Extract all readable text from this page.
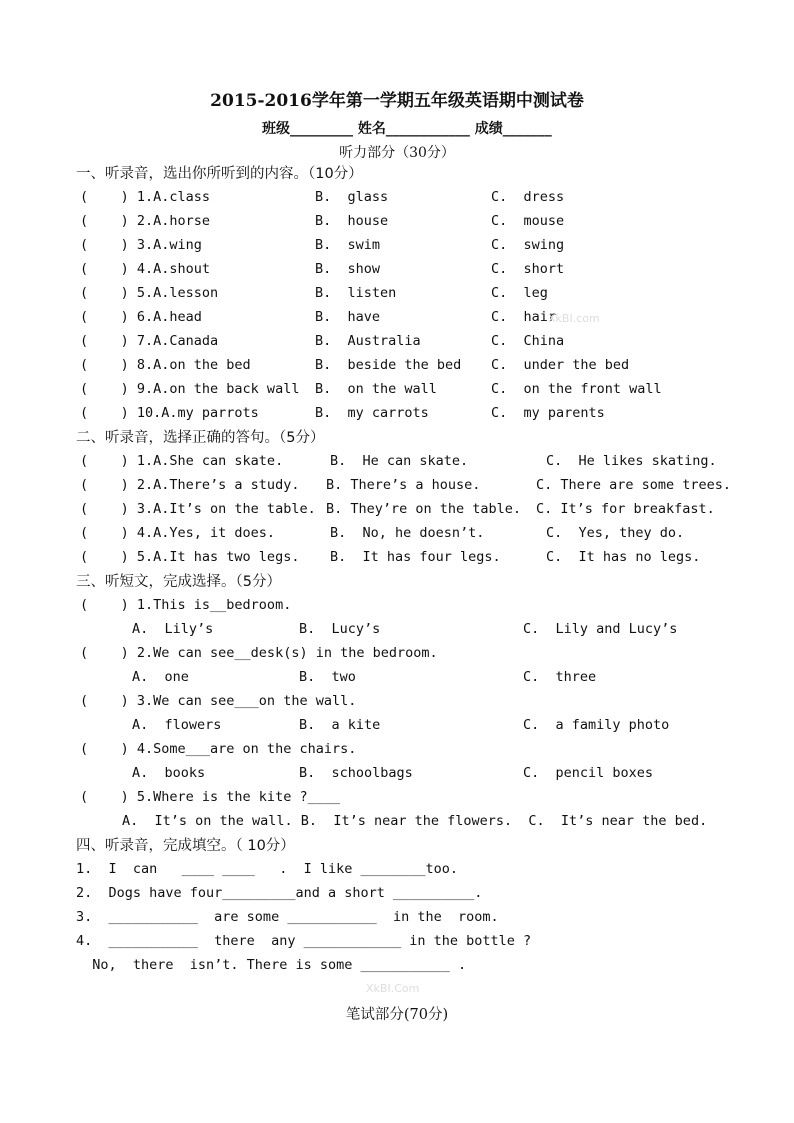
2015-2016学年第一学期五年级英语期中测试卷
班级_________ 姓名____________ 成绩_______
听力部分（30分）
一、听录音，选出你所听到的内容。（10分）
(    ) 1.A.class	B.  glass	C.  dress
(    ) 2.A.horse	B.  house	C.  mouse
(    ) 3.A.wing	B.  swim	C.  swing
(    ) 4.A.shout	B.  show	C.  short
(    ) 5.A.lesson	B.  listen	C.  leg
(    ) 6.A.head	B.  have	C.  hair
(    ) 7.A.Canada	B.  Australia	C.  China
(    ) 8.A.on the bed	B.  beside the bed C.  under the bed
(    ) 9.A.on the back wall B.  on the wall	C.  on the front wall
(    ) 10.A.my parrots	B.  my carrots	C.  my parents
二、听录音，选择正确的答句。（5分）
(    ) 1.A.She can skate.	B.  He can skate.	C.  He likes skating.
(    ) 2.A.There’s a study. B. There’s a house.	C. There are some trees.
(    ) 3.A.It’s on the table. B. They’re on the table. C. It’s for breakfast.
(    ) 4.A.Yes, it does.	B.  No, he doesn’t.	C.  Yes, they do.
(    ) 5.A.It has two legs. B.  It has four legs.	C.  It has no legs.
三、听短文，完成选择。（5分）
(    ) 1.This is__bedroom.
A.  Lily’s	B.  Lucy’s	C.  Lily and Lucy’s
(    ) 2.We can see__desk(s) in the bedroom.
A.  one	B.  two	C.  three
(    ) 3.We can see___on the wall.
A.  flowers	B.  a kite	C.  a family photo
(    ) 4.Some___are on the chairs.
A.  books	B.  schoolbags	C.  pencil boxes
(    ) 5.Where is the kite ?____
A.  It’s on the wall. B.  It’s near the flowers.  C.  It’s near the bed.
四、听录音，完成填空。（ 10分）
1.  I  can   ____ ____   .  I like ________too.
2.  Dogs have four_________and a short __________.
3.  ___________  are some ___________  in the  room.
4.  ___________  there  any ____________ in the bottle ?
No,  there  isn’t. There is some ___________ .
XkBI.com
XkBI.Com
笔试部分(70分)
